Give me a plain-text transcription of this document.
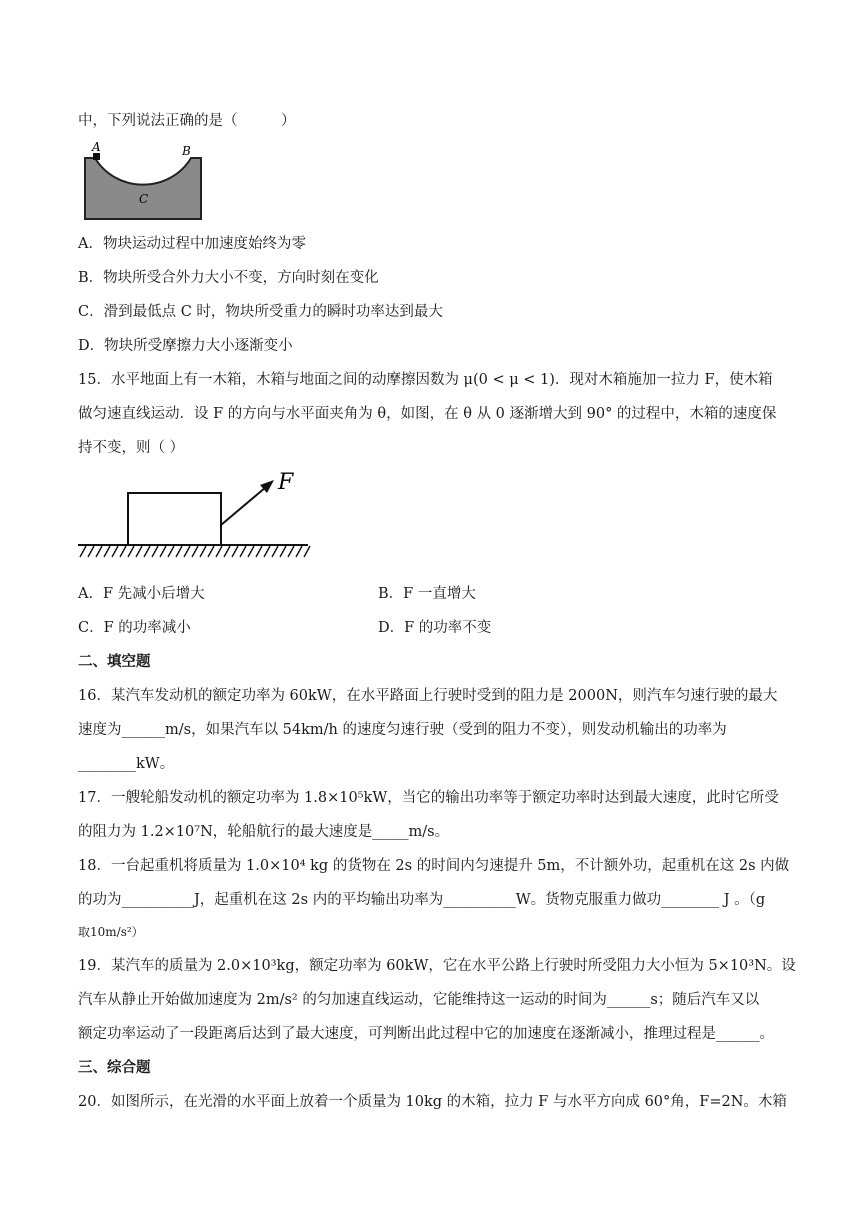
中，下列说法正确的是（　　　）
A	B
C
A．物块运动过程中加速度始终为零
B．物块所受合外力大小不变，方向时刻在变化
C．滑到最低点 C 时，物块所受重力的瞬时功率达到最大
D．物块所受摩擦力大小逐渐变小
15．水平地面上有一木箱，木箱与地面之间的动摩擦因数为 μ(0 < μ < 1)．现对木箱施加一拉力 F，使木箱
做匀速直线运动．设 F 的方向与水平面夹角为 θ，如图，在 θ 从 0 逐渐增大到 90° 的过程中，木箱的速度保
持不变，则（ ）
F
A．F 先减小后增大	B．F 一直增大
C．F 的功率减小	D．F 的功率不变
二、填空题
16．某汽车发动机的额定功率为 60kW，在水平路面上行驶时受到的阻力是 2000N，则汽车匀速行驶的最大
速度为______m/s，如果汽车以 54km/h 的速度匀速行驶（受到的阻力不变），则发动机输出的功率为
________kW。
17．一艘轮船发动机的额定功率为 1.8×10⁵kW，当它的输出功率等于额定功率时达到最大速度，此时它所受
的阻力为 1.2×10⁷N，轮船航行的最大速度是_____m/s。
18．一台起重机将质量为 1.0×10⁴ kg 的货物在 2s 的时间内匀速提升 5m，不计额外功，起重机在这 2s 内做
的功为__________J，起重机在这 2s 内的平均输出功率为__________W。货物克服重力做功________ J 。（g
取10m/s²）
19．某汽车的质量为 2.0×10³kg，额定功率为 60kW，它在水平公路上行驶时所受阻力大小恒为 5×10³N。设
汽车从静止开始做加速度为 2m/s² 的匀加速直线运动，它能维持这一运动的时间为______s；随后汽车又以
额定功率运动了一段距离后达到了最大速度，可判断出此过程中它的加速度在逐渐减小，推理过程是______。
三、综合题
20．如图所示，在光滑的水平面上放着一个质量为 10kg 的木箱，拉力 F 与水平方向成 60°角，F=2N。木箱
